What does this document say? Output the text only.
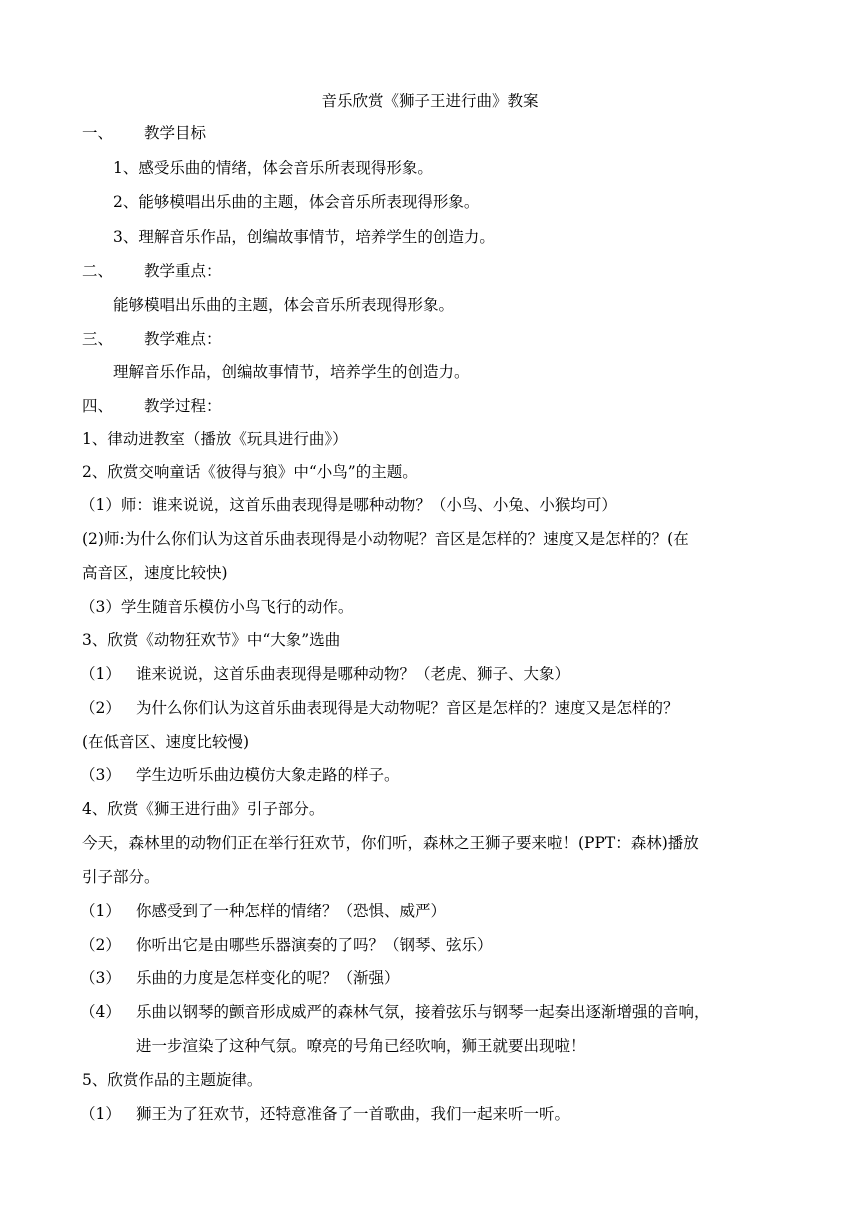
音乐欣赏《狮子王进行曲》教案
一、 教学目标
1、感受乐曲的情绪，体会音乐所表现得形象。
2、能够模唱出乐曲的主题，体会音乐所表现得形象。
3、理解音乐作品，创编故事情节，培养学生的创造力。
二、 教学重点：
能够模唱出乐曲的主题，体会音乐所表现得形象。
三、 教学难点：
理解音乐作品，创编故事情节，培养学生的创造力。
四、 教学过程：
1、律动进教室（播放《玩具进行曲》）
2、欣赏交响童话《彼得与狼》中“小鸟”的主题。
（1）师：谁来说说，这首乐曲表现得是哪种动物？（小鸟、小兔、小猴均可）
(2)师:为什么你们认为这首乐曲表现得是小动物呢？音区是怎样的？速度又是怎样的？(在
高音区，速度比较快)
（3）学生随音乐模仿小鸟飞行的动作。
3、欣赏《动物狂欢节》中“大象”选曲
（1） 谁来说说，这首乐曲表现得是哪种动物？（老虎、狮子、大象）
（2） 为什么你们认为这首乐曲表现得是大动物呢？音区是怎样的？速度又是怎样的？
(在低音区、速度比较慢)
（3） 学生边听乐曲边模仿大象走路的样子。
4、欣赏《狮王进行曲》引子部分。
今天，森林里的动物们正在举行狂欢节，你们听，森林之王狮子要来啦！(PPT：森林)播放
引子部分。
（1） 你感受到了一种怎样的情绪？（恐惧、威严）
（2） 你听出它是由哪些乐器演奏的了吗？（钢琴、弦乐）
（3） 乐曲的力度是怎样变化的呢？（渐强）
（4） 乐曲以钢琴的颤音形成威严的森林气氛，接着弦乐与钢琴一起奏出逐渐增强的音响，
进一步渲染了这种气氛。嘹亮的号角已经吹响，狮王就要出现啦！
5、欣赏作品的主题旋律。
（1） 狮王为了狂欢节，还特意准备了一首歌曲，我们一起来听一听。
